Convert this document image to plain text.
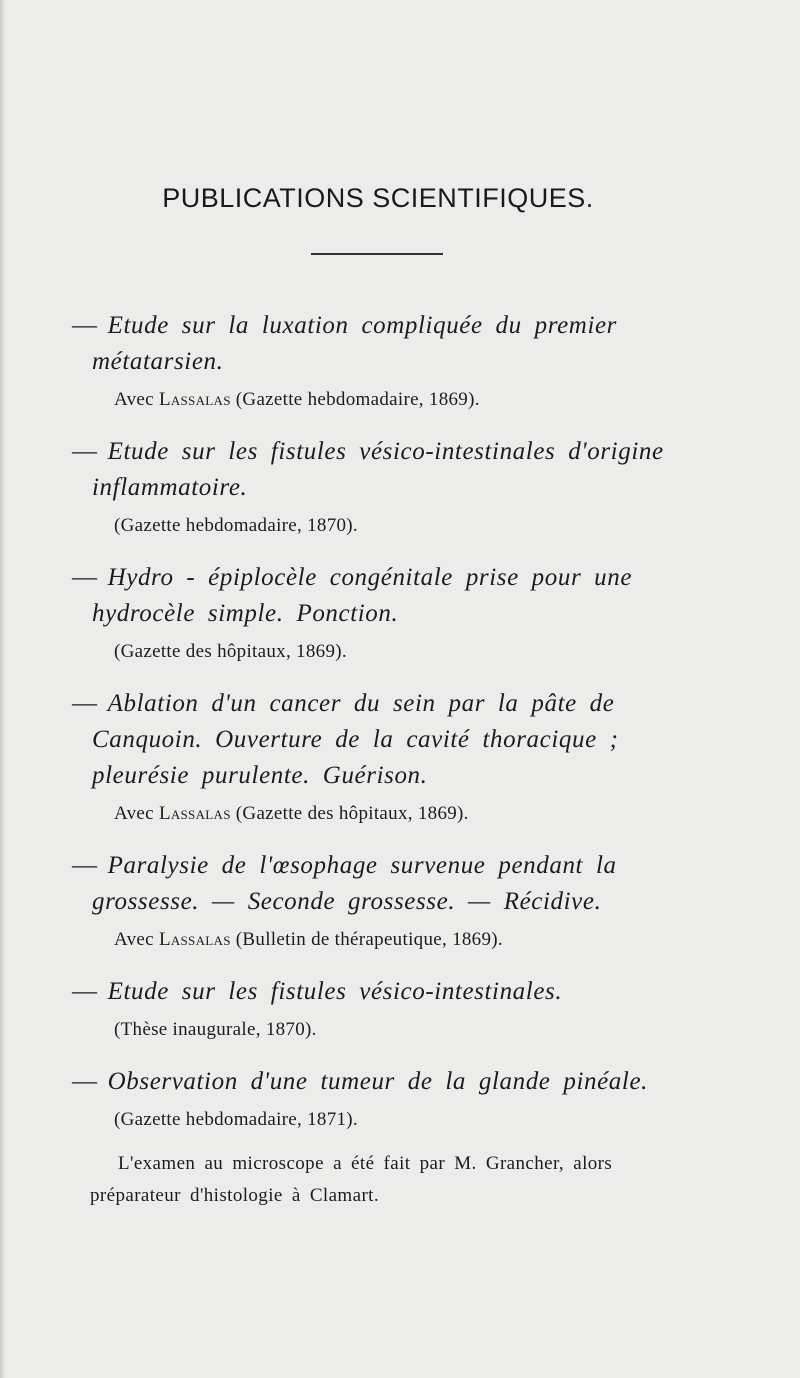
PUBLICATIONS SCIENTIFIQUES.
— Etude sur la luxation compliquée du premier
métatarsien.
Avec Lassalas (Gazette hebdomadaire, 1869).
— Etude sur les fistules vésico-intestinales d'origine
inflammatoire.
(Gazette hebdomadaire, 1870).
— Hydro - épiplocèle congénitale prise pour une
hydrocèle simple. Ponction.
(Gazette des hôpitaux, 1869).
— Ablation d'un cancer du sein par la pâte de
Canquoin. Ouverture de la cavité thoracique ;
pleurésie purulente. Guérison.
Avec Lassalas (Gazette des hôpitaux, 1869).
— Paralysie de l'œsophage survenue pendant la
grossesse. — Seconde grossesse. — Récidive.
Avec Lassalas (Bulletin de thérapeutique, 1869).
— Etude sur les fistules vésico-intestinales.
(Thèse inaugurale, 1870).
— Observation d'une tumeur de la glande pinéale.
(Gazette hebdomadaire, 1871).
L'examen au microscope a été fait par M. Grancher, alors préparateur d'histologie à Clamart.
